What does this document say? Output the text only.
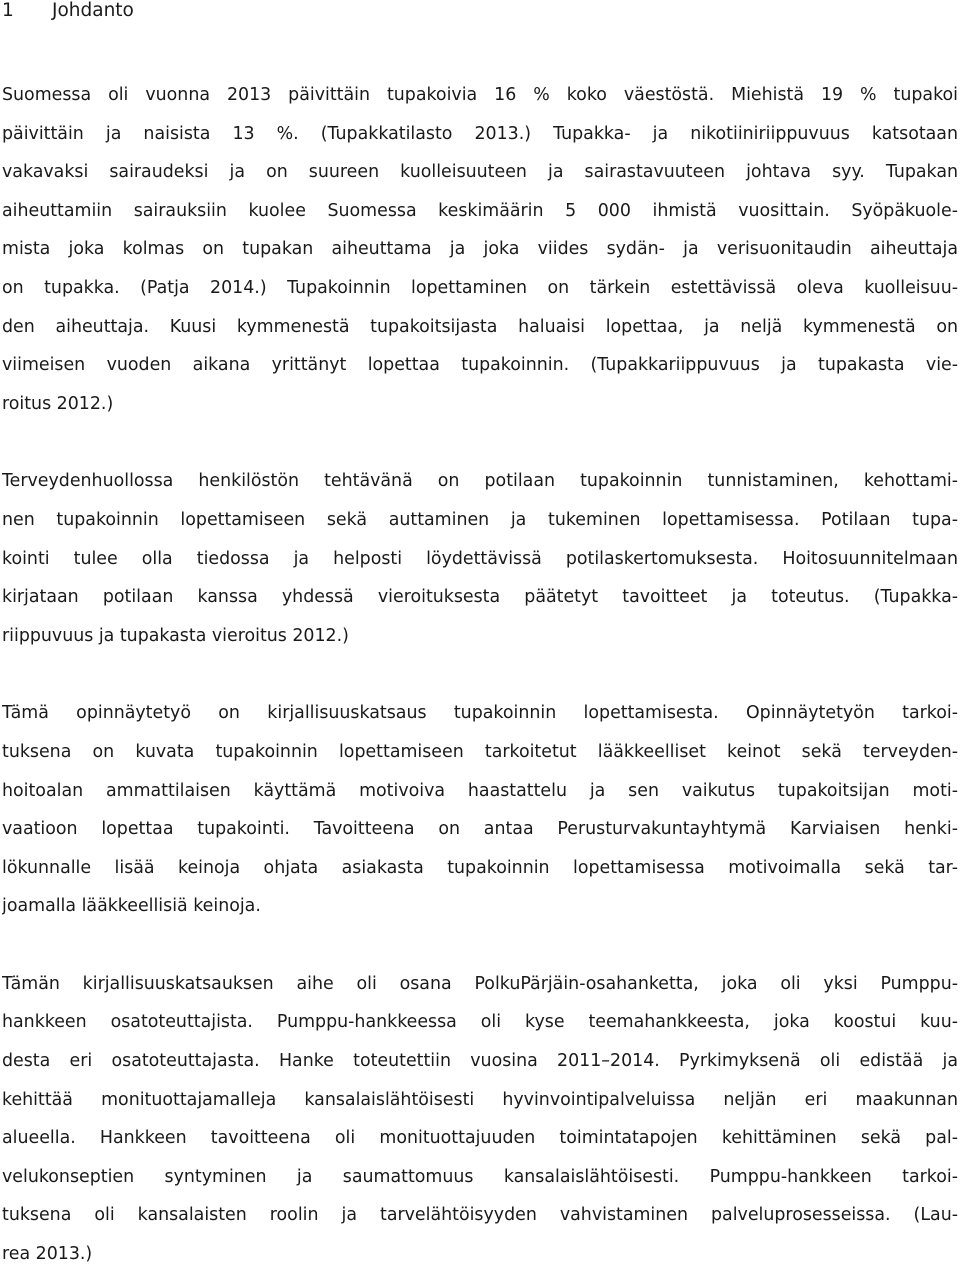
1	Johdanto
Suomessa oli vuonna 2013 päivittäin tupakoivia 16 % koko väestöstä. Miehistä 19 % tupakoi
päivittäin ja naisista 13 %. (Tupakkatilasto 2013.) Tupakka- ja nikotiiniriippuvuus katsotaan
vakavaksi sairaudeksi ja on suureen kuolleisuuteen ja sairastavuuteen johtava syy. Tupakan
aiheuttamiin sairauksiin kuolee Suomessa keskimäärin 5 000 ihmistä vuosittain. Syöpäkuole-
mista joka kolmas on tupakan aiheuttama ja joka viides sydän- ja verisuonitaudin aiheuttaja
on tupakka. (Patja 2014.) Tupakoinnin lopettaminen on tärkein estettävissä oleva kuolleisuu-
den aiheuttaja. Kuusi kymmenestä tupakoitsijasta haluaisi lopettaa, ja neljä kymmenestä on
viimeisen vuoden aikana yrittänyt lopettaa tupakoinnin. (Tupakkariippuvuus ja tupakasta vie-
roitus 2012.)
Terveydenhuollossa henkilöstön tehtävänä on potilaan tupakoinnin tunnistaminen, kehottami-
nen tupakoinnin lopettamiseen sekä auttaminen ja tukeminen lopettamisessa. Potilaan tupa-
kointi tulee olla tiedossa ja helposti löydettävissä potilaskertomuksesta. Hoitosuunnitelmaan
kirjataan potilaan kanssa yhdessä vieroituksesta päätetyt tavoitteet ja toteutus. (Tupakka-
riippuvuus ja tupakasta vieroitus 2012.)
Tämä opinnäytetyö on kirjallisuuskatsaus tupakoinnin lopettamisesta. Opinnäytetyön tarkoi-
tuksena on kuvata tupakoinnin lopettamiseen tarkoitetut lääkkeelliset keinot sekä terveyden-
hoitoalan ammattilaisen käyttämä motivoiva haastattelu ja sen vaikutus tupakoitsijan moti-
vaatioon lopettaa tupakointi. Tavoitteena on antaa Perusturvakuntayhtymä Karviaisen henki-
lökunnalle lisää keinoja ohjata asiakasta tupakoinnin lopettamisessa motivoimalla sekä tar-
joamalla lääkkeellisiä keinoja.
Tämän kirjallisuuskatsauksen aihe oli osana PolkuPärjäin-osahanketta, joka oli yksi Pumppu-
hankkeen osatoteuttajista. Pumppu-hankkeessa oli kyse teemahankkeesta, joka koostui kuu-
desta eri osatoteuttajasta. Hanke toteutettiin vuosina 2011–2014. Pyrkimyksenä oli edistää ja
kehittää monituottajamalleja kansalaislähtöisesti hyvinvointipalveluissa neljän eri maakunnan
alueella. Hankkeen tavoitteena oli monituottajuuden toimintatapojen kehittäminen sekä pal-
velukonseptien syntyminen ja saumattomuus kansalaislähtöisesti. Pumppu-hankkeen tarkoi-
tuksena oli kansalaisten roolin ja tarvelähtöisyyden vahvistaminen palveluprosesseissa. (Lau-
rea 2013.)
